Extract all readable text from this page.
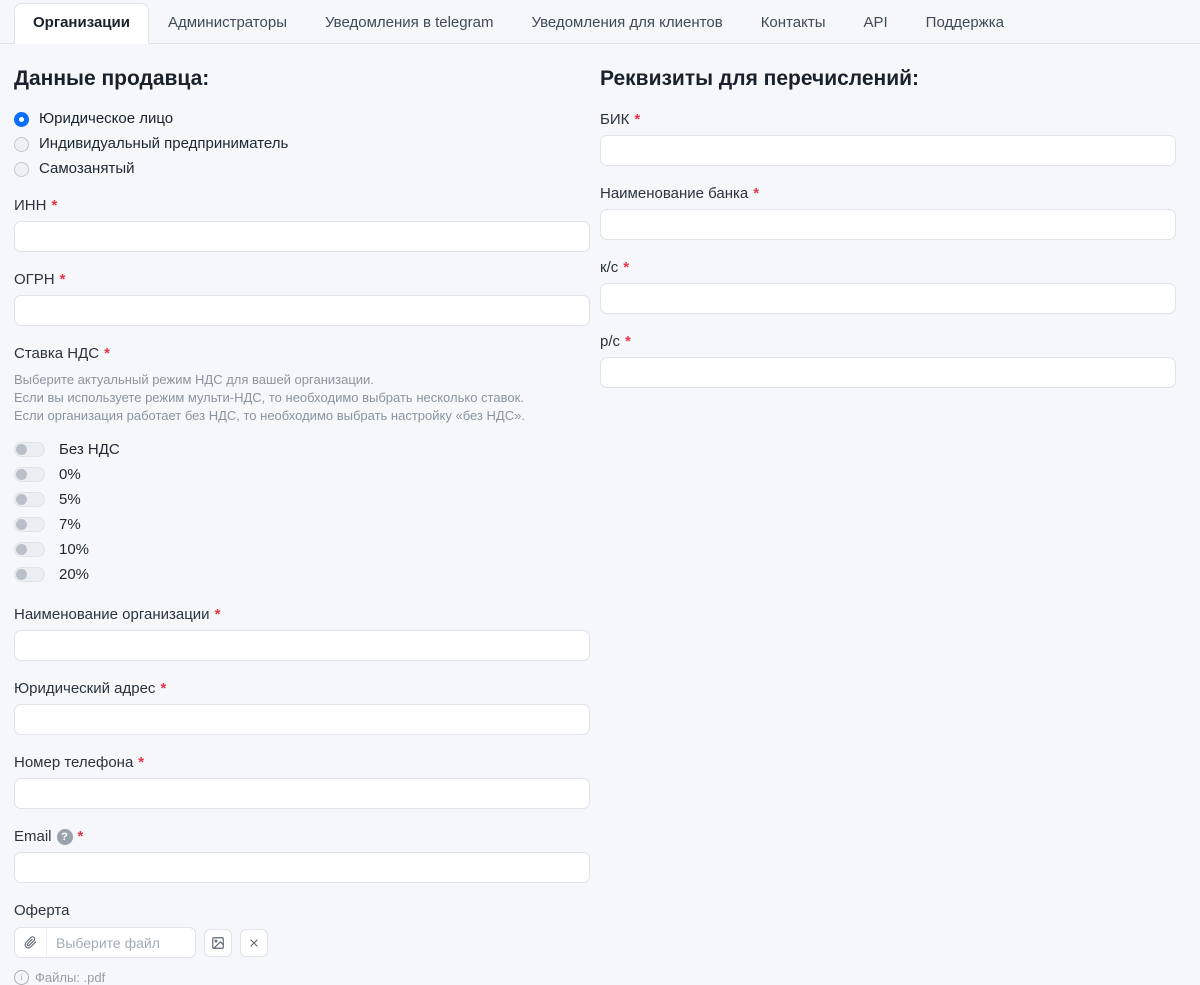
Организации	Администраторы	Уведомления в telegram	Уведомления для клиентов	Контакты	API	Поддержка
Данные продавца:
Юридическое лицо
Индивидуальный предприниматель
Самозанятый
ИНН *
ОГРН *
Ставка НДС *
Выберите актуальный режим НДС для вашей организации.
Если вы используете режим мульти-НДС, то необходимо выбрать несколько ставок.
Если организация работает без НДС, то необходимо выбрать настройку «без НДС».
Без НДС
0%
5%
7%
10%
20%
Наименование организации *
Юридический адрес *
Номер телефона *
Email ? *
Оферта
Выберите файл
i Файлы: .pdf
Реквизиты для перечислений:
БИК *
Наименование банка *
к/с *
р/с *
